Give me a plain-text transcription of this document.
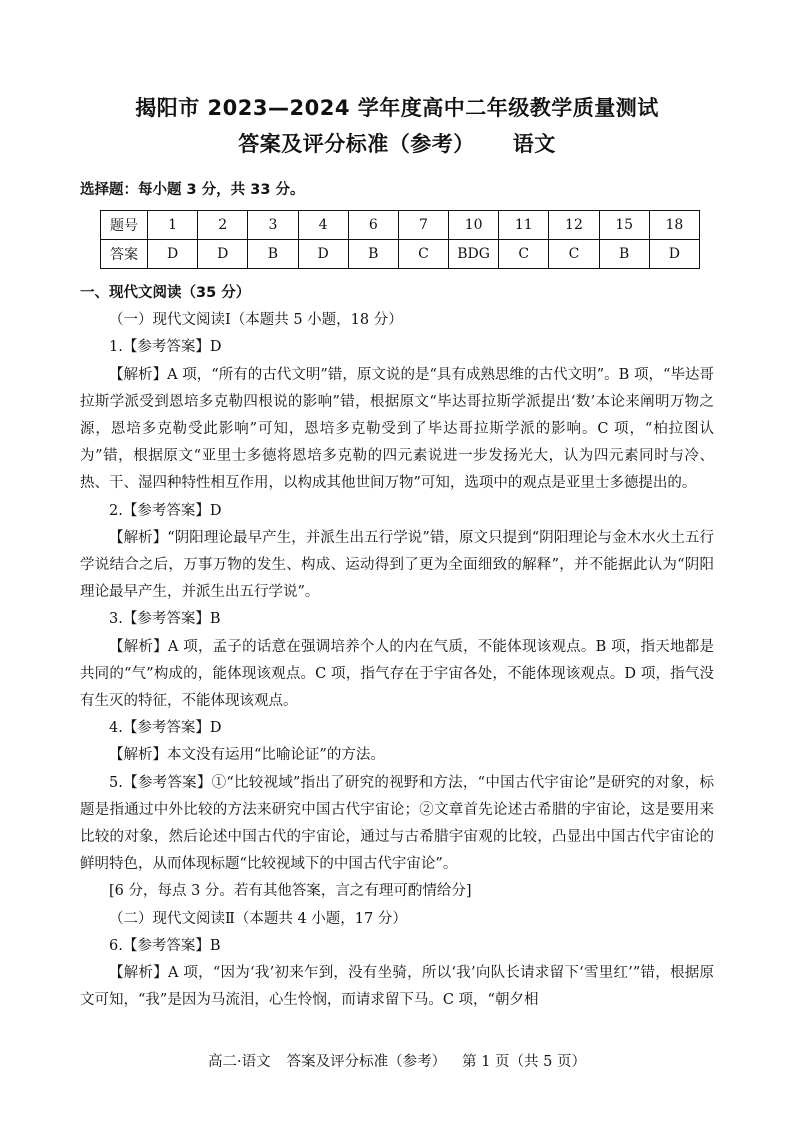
揭阳市 2023—2024 学年度高中二年级教学质量测试
答案及评分标准（参考） 语文
选择题：每小题 3 分，共 33 分。
题号	1	2	3	4	6	7	10	11	12	15	18
答案	D	D	B	D	B	C	BDG	C	C	B	D

一、现代文阅读（35 分）

（一）现代文阅读Ⅰ（本题共 5 小题，18 分）

1.【参考答案】D

【解析】A 项，“所有的古代文明”错，原文说的是“具有成熟思维的古代文明”。B 项，“毕达哥拉斯学派受到恩培多克勒四根说的影响”错，根据原文“毕达哥拉斯学派提出‘数’本论来阐明万物之源，恩培多克勒受此影响”可知，恩培多克勒受到了毕达哥拉斯学派的影响。C 项，“柏拉图认为”错，根据原文“亚里士多德将恩培多克勒的四元素说进一步发扬光大，认为四元素同时与冷、热、干、湿四种特性相互作用，以构成其他世间万物”可知，选项中的观点是亚里士多德提出的。

2.【参考答案】D

【解析】“阴阳理论最早产生，并派生出五行学说”错，原文只提到“阴阳理论与金木水火土五行学说结合之后，万事万物的发生、构成、运动得到了更为全面细致的解释”，并不能据此认为“阴阳理论最早产生，并派生出五行学说”。

3.【参考答案】B

【解析】A 项，孟子的话意在强调培养个人的内在气质，不能体现该观点。B 项，指天地都是共同的“气”构成的，能体现该观点。C 项，指气存在于宇宙各处，不能体现该观点。D 项，指气没有生灭的特征，不能体现该观点。

4.【参考答案】D

【解析】本文没有运用“比喻论证”的方法。

5.【参考答案】①“比较视域”指出了研究的视野和方法，“中国古代宇宙论”是研究的对象，标题是指通过中外比较的方法来研究中国古代宇宙论；②文章首先论述古希腊的宇宙论，这是要用来比较的对象，然后论述中国古代的宇宙论，通过与古希腊宇宙观的比较，凸显出中国古代宇宙论的鲜明特色，从而体现标题“比较视域下的中国古代宇宙论”。

[6 分，每点 3 分。若有其他答案，言之有理可酌情给分]

（二）现代文阅读Ⅱ（本题共 4 小题，17 分）

6.【参考答案】B

【解析】A 项，“因为‘我’初来乍到，没有坐骑，所以‘我’向队长请求留下‘雪里红’”错，根据原文可知，“我”是因为马流泪，心生怜悯，而请求留下马。C 项，“朝夕相

高二·语文 答案及评分标准（参考） 第 1 页（共 5 页）
